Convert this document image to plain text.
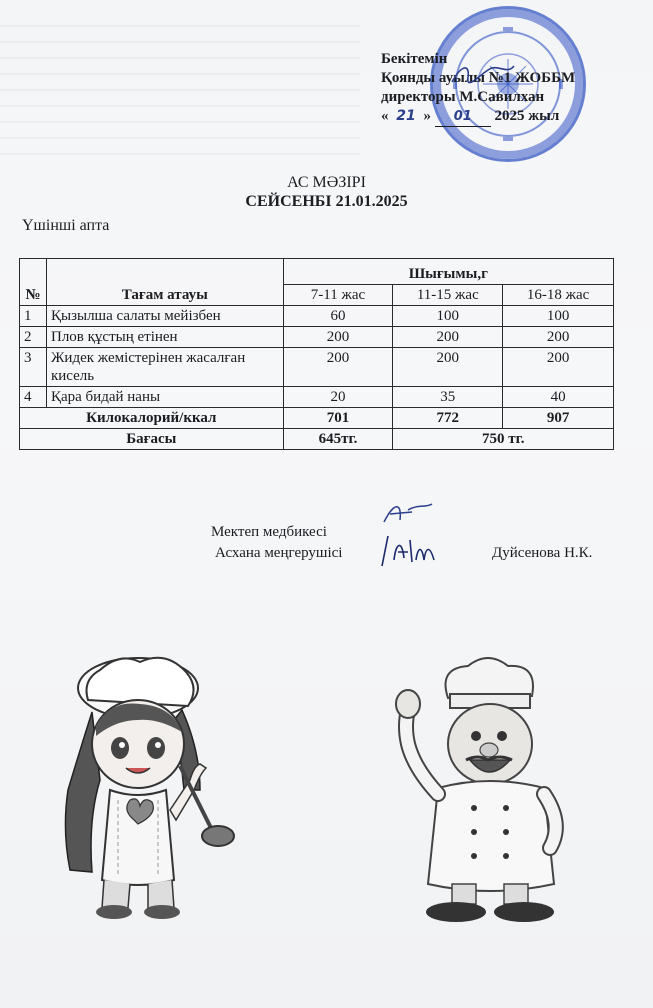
Бекітемін
Қоянды ауылы №1 ЖОББМ
директоры М.Савилхан
« 21 » 01 2025 жыл
АС МӘЗІРІ
СЕЙСЕНБІ 21.01.2025
Үшінші апта
№	Тағам атауы	Шығымы,г		
		7-11 жас	11-15 жас	16-18 жас
1	Қызылша салаты мейізбен	60	100	100
2	Плов құстың етінен	200	200	200
3	Жидек жемістерінен жасалған кисель	200	200	200
4	Қара бидай наны	20	35	40
Килокалорий/ккал		701	772	907
Бағасы		645тг.	750 тг.	
Мектеп медбикесі
Асхана меңгерушісі	Дуйсенова Н.К.
